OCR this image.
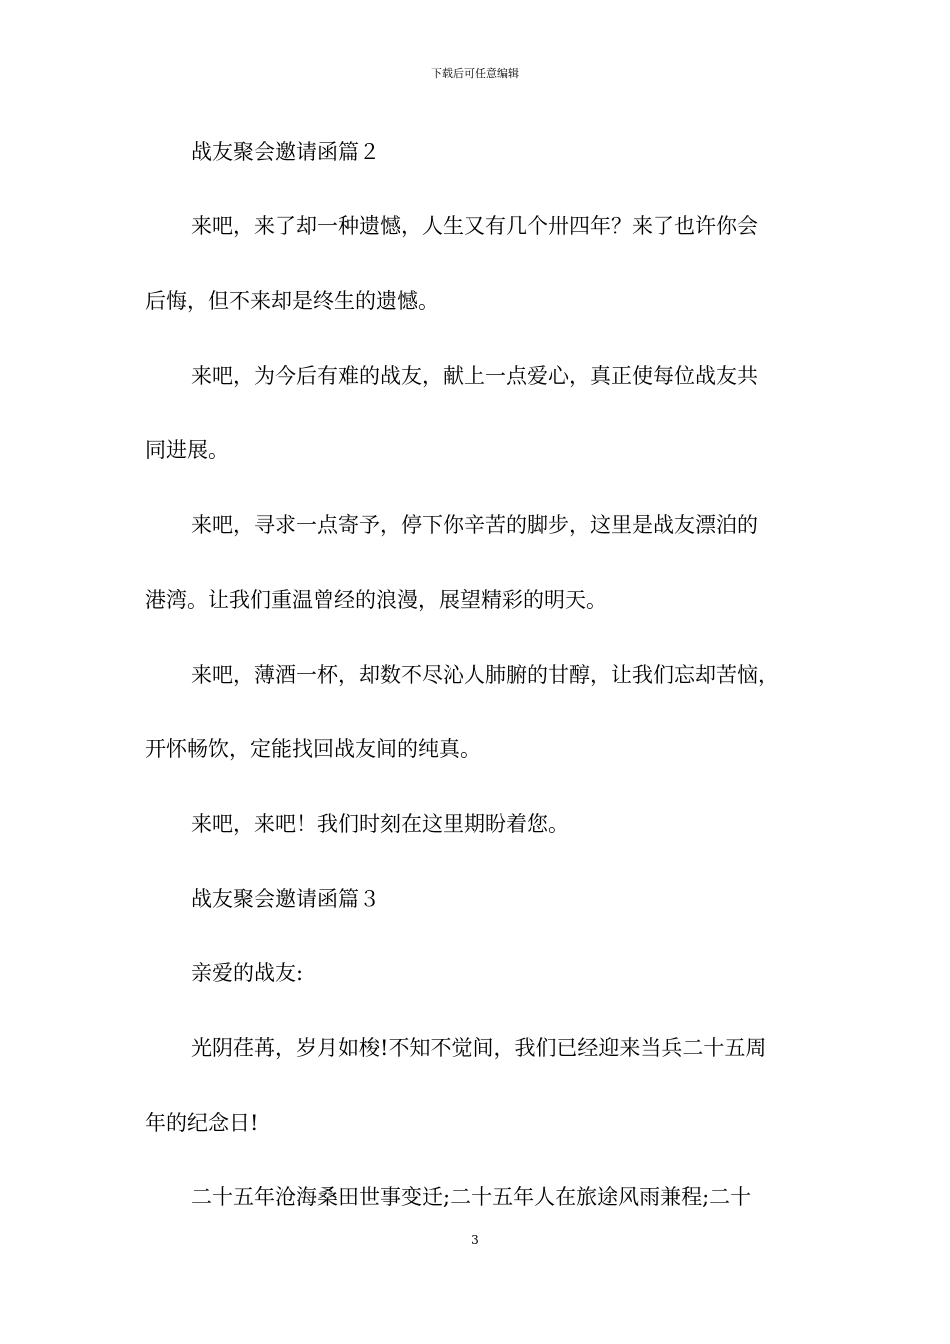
下载后可任意编辑
战友聚会邀请函篇２
来吧，来了却一种遗憾，人生又有几个卅四年？来了也许你会
后悔，但不来却是终生的遗憾。
来吧，为今后有难的战友，献上一点爱心，真正使每位战友共
同进展。
来吧，寻求一点寄予，停下你辛苦的脚步，这里是战友漂泊的
港湾。让我们重温曾经的浪漫，展望精彩的明天。
来吧，薄酒一杯，却数不尽沁人肺腑的甘醇，让我们忘却苦恼，
开怀畅饮，定能找回战友间的纯真。
来吧，来吧！我们时刻在这里期盼着您。
战友聚会邀请函篇３
亲爱的战友:
光阴荏苒，岁月如梭!不知不觉间，我们已经迎来当兵二十五周
年的纪念日!
二十五年沧海桑田世事变迁;二十五年人在旅途风雨兼程;二十
3
